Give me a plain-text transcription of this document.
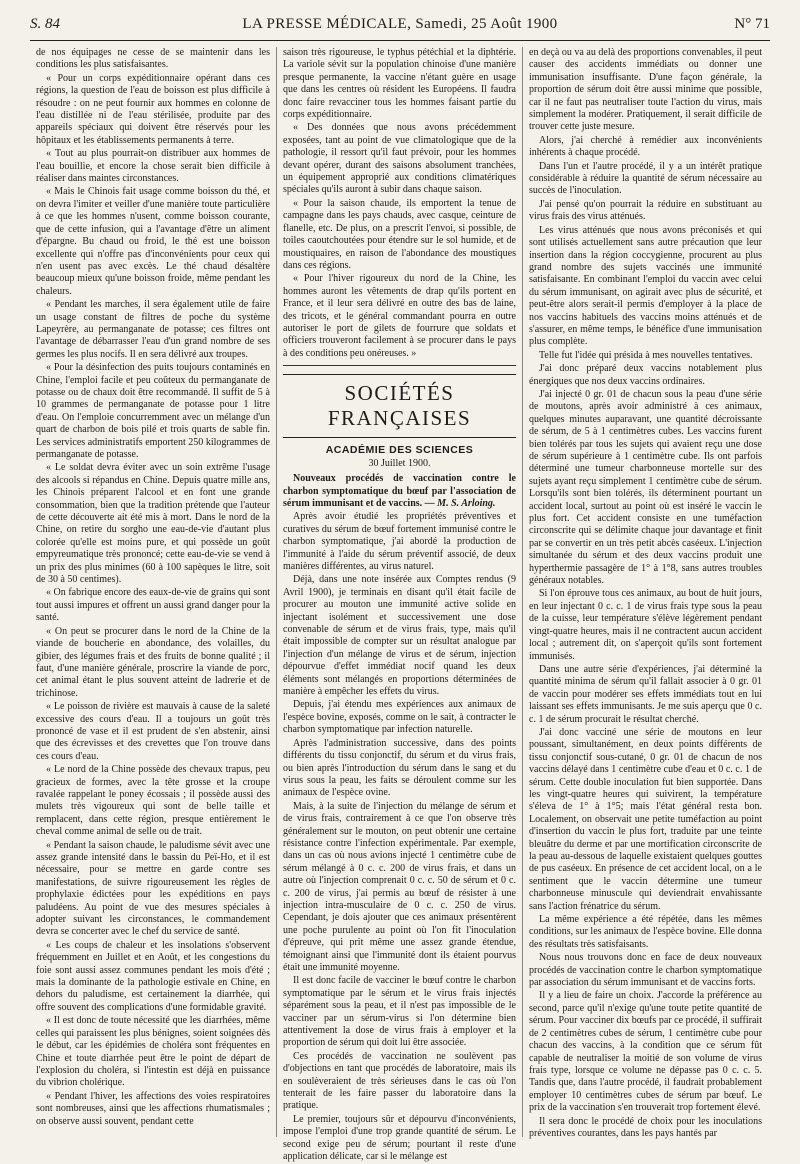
S. 84	LA PRESSE MÉDICALE, Samedi, 25 Août 1900	N° 71

de nos équipages ne cesse de se maintenir dans les conditions les plus satisfaisantes.

« Pour un corps expéditionnaire opérant dans ces régions, la question de l'eau de boisson est plus difficile à résoudre : on ne peut fournir aux hommes en colonne de l'eau distillée ni de l'eau stérilisée, produite par des appareils spéciaux qui doivent être réservés pour les hôpitaux et les établissements permanents à terre.

« Tout au plus pourrait-on distribuer aux hommes de l'eau bouillie, et encore la chose serait bien difficile à réaliser dans maintes circonstances.

« Mais le Chinois fait usage comme boisson du thé, et on devra l'imiter et veiller d'une manière toute particulière à ce que les hommes n'usent, comme boisson courante, que de cette infusion, qui a l'avantage d'être un aliment d'épargne. Bu chaud ou froid, le thé est une boisson excellente qui n'offre pas d'inconvénients pour ceux qui n'en usent pas avec excès. Le thé chaud désaltère beaucoup mieux qu'une boisson froide, même pendant les chaleurs.

« Pendant les marches, il sera également utile de faire un usage constant de filtres de poche du système Lapeyrère, au permanganate de potasse; ces filtres ont l'avantage de débarrasser l'eau d'un grand nombre de ses germes les plus nocifs. Il en sera délivré aux troupes.

« Pour la désinfection des puits toujours contaminés en Chine, l'emploi facile et peu coûteux du permanganate de potasse ou de chaux doit être recommandé. Il suffit de 5 à 10 grammes de permanganate de potasse pour 1 litre d'eau. On l'emploie concurremment avec un mélange d'un quart de charbon de bois pilé et trois quarts de sable fin. Les services administratifs emportent 250 kilogrammes de permanganate de potasse.

« Le soldat devra éviter avec un soin extrême l'usage des alcools si répandus en Chine. Depuis quatre mille ans, les Chinois préparent l'alcool et en font une grande consommation, bien que la tradition prétende que l'auteur de cette découverte ait été mis à mort. Dans le nord de la Chine, on retire du sorgho une eau-de-vie d'autant plus colorée qu'elle est moins pure, et qui possède un goût empyreumatique très prononcé; cette eau-de-vie se vend à un prix des plus minimes (60 à 100 sapèques le litre, soit de 30 à 50 centimes).

« On fabrique encore des eaux-de-vie de grains qui sont tout aussi impures et offrent un aussi grand danger pour la santé.

« On peut se procurer dans le nord de la Chine de la viande de boucherie en abondance, des volailles, du gibier, des légumes frais et des fruits de bonne qualité ; il faut, d'une manière générale, proscrire la viande de porc, cet animal étant le plus souvent atteint de ladrerie et de trichinose.

« Le poisson de rivière est mauvais à cause de la saleté excessive des cours d'eau. Il a toujours un goût très prononcé de vase et il est prudent de s'en abstenir, ainsi que des écrevisses et des crevettes que l'on trouve dans ces cours d'eau.

« Le nord de la Chine possède des chevaux trapus, peu gracieux de formes, avec la tête grosse et la croupe ravalée rappelant le poney écossais ; il possède aussi des mulets très vigoureux qui sont de belle taille et remplacent, dans cette région, presque entièrement le cheval comme animal de selle ou de trait.

« Pendant la saison chaude, le paludisme sévit avec une assez grande intensité dans le bassin du Peï-Ho, et il est nécessaire, pour se mettre en garde contre ses manifestations, de suivre rigoureusement les règles de prophylaxie édictées pour les expéditions en pays paludéens. Au point de vue des mesures spéciales à adopter suivant les circonstances, le commandement devra se concerter avec le chef du service de santé.

« Les coups de chaleur et les insolations s'observent fréquemment en Juillet et en Août, et les congestions du foie sont aussi assez communes pendant les mois d'été ; mais la dominante de la pathologie estivale en Chine, en dehors du paludisme, est certainement la diarrhée, qui offre souvent des complications d'une formidable gravité.

« Il est donc de toute nécessité que les diarrhées, même celles qui paraissent les plus bénignes, soient soignées dès le début, car les épidémies de choléra sont fréquentes en Chine et toute diarrhée peut être le point de départ de l'explosion du choléra, si l'intestin est déjà en puissance du vibrion cholérique.

« Pendant l'hiver, les affections des voies respiratoires sont nombreuses, ainsi que les affections rhumatismales ; on observe aussi souvent, pendant cette

saison très rigoureuse, le typhus pétéchial et la diphtérie. La variole sévit sur la population chinoise d'une manière presque permanente, la vaccine n'étant guère en usage que dans les centres où résident les Européens. Il faudra donc faire revacciner tous les hommes faisant partie du corps expéditionnaire.

« Des données que nous avons précédemment exposées, tant au point de vue climatologique que de la pathologie, il ressort qu'il faut prévoir, pour les hommes devant opérer, durant des saisons absolument tranchées, un équipement approprié aux conditions climatériques spéciales qu'ils auront à subir dans chaque saison.

« Pour la saison chaude, ils emportent la tenue de campagne dans les pays chauds, avec casque, ceinture de flanelle, etc. De plus, on a prescrit l'envoi, si possible, de toiles caoutchoutées pour étendre sur le sol humide, et de moustiquaires, en raison de l'abondance des moustiques dans ces régions.

« Pour l'hiver rigoureux du nord de la Chine, les hommes auront les vêtements de drap qu'ils portent en France, et il leur sera délivré en outre des bas de laine, des tricots, et le général commandant pourra en outre autoriser le port de gilets de fourrure que soldats et officiers trouveront facilement à se procurer dans le pays à des conditions peu onéreuses. »

SOCIÉTÉS FRANÇAISES
ACADÉMIE DES SCIENCES
30 Juillet 1900.

Nouveaux procédés de vaccination contre le charbon symptomatique du bœuf par l'association de sérum immunisant et de vaccins. — M. S. Arloing.

Après avoir étudié les propriétés préventives et curatives du sérum de bœuf fortement immunisé contre le charbon symptomatique, j'ai abordé la production de l'immunité à l'aide du sérum préventif associé, de deux manières différentes, au virus naturel.

Déjà, dans une note insérée aux Comptes rendus (9 Avril 1900), je terminais en disant qu'il était facile de procurer au mouton une immunité active solide en injectant isolément et successivement une dose convenable de sérum et de virus frais, type, mais qu'il était impossible de compter sur un résultat analogue par l'injection d'un mélange de virus et de sérum, injection dépourvue d'effet immédiat nocif quand les deux éléments sont mélangés en proportions déterminées de manière à empêcher les effets du virus.

Depuis, j'ai étendu mes expériences aux animaux de l'espèce bovine, exposés, comme on le sait, à contracter le charbon symptomatique par infection naturelle.

Après l'administration successive, dans des points différents du tissu conjonctif, du sérum et du virus frais, ou bien après l'introduction du sérum dans le sang et du virus sous la peau, les faits se déroulent comme sur les animaux de l'espèce ovine.

Mais, à la suite de l'injection du mélange de sérum et de virus frais, contrairement à ce que l'on observe très généralement sur le mouton, on peut obtenir une certaine résistance contre l'infection expérimentale. Par exemple, dans un cas où nous avions injecté 1 centimètre cube de sérum mélangé à 0 c. c. 200 de virus frais, et dans un autre où l'injection comprenait 0 c. c. 50 de sérum et 0 c. c. 200 de virus, j'ai permis au bœuf de résister à une injection intra-musculaire de 0 c. c. 250 de virus. Cependant, je dois ajouter que ces animaux présentèrent une poche purulente au point où l'on fit l'inoculation d'épreuve, qui prit même une assez grande étendue, témoignant ainsi que l'immunité dont ils étaient pourvus était une immunité moyenne.

Il est donc facile de vacciner le bœuf contre le charbon symptomatique par le sérum et le virus frais injectés séparément sous la peau, et il n'est pas impossible de le vacciner par un sérum-virus si l'on détermine bien attentivement la dose de virus frais à employer et la proportion de sérum qui doit lui être associée.

Ces procédés de vaccination ne soulèvent pas d'objections en tant que procédés de laboratoire, mais ils en soulèveraient de très sérieuses dans le cas où l'on tenterait de les faire passer du laboratoire dans la pratique.

Le premier, toujours sûr et dépourvu d'inconvénients, impose l'emploi d'une trop grande quantité de sérum. Le second exige peu de sérum; pourtant il reste d'une application délicate, car si le mélange est

en deçà ou va au delà des proportions convenables, il peut causer des accidents immédiats ou donner une immunisation insuffisante. D'une façon générale, la proportion de sérum doit être aussi minime que possible, car il ne faut pas neutraliser toute l'action du virus, mais simplement la modérer. Pratiquement, il serait difficile de trouver cette juste mesure.

Alors, j'ai cherché à remédier aux inconvénients inhérents à chaque procédé.

Dans l'un et l'autre procédé, il y a un intérêt pratique considérable à réduire la quantité de sérum nécessaire au succès de l'inoculation.

J'ai pensé qu'on pourrait la réduire en substituant au virus frais des virus atténués.

Les virus atténués que nous avons préconisés et qui sont utilisés actuellement sans autre précaution que leur insertion dans la région coccygienne, procurent au plus grand nombre des sujets vaccinés une immunité satisfaisante. En combinant l'emploi du vaccin avec celui du sérum immunisant, on agirait avec plus de sécurité, et peut-être alors serait-il permis d'employer à la place de nos vaccins habituels des vaccins moins atténués et de s'assurer, en même temps, le bénéfice d'une immunisation plus complète.

Telle fut l'idée qui présida à mes nouvelles tentatives.

J'ai donc préparé deux vaccins notablement plus énergiques que nos deux vaccins ordinaires.

J'ai injecté 0 gr. 01 de chacun sous la peau d'une série de moutons, après avoir administré à ces animaux, quelques minutes auparavant, une quantité décroissante de sérum, de 5 à 1 centimètres cubes. Les vaccins furent bien tolérés par tous les sujets qui avaient reçu une dose de sérum supérieure à 1 centimètre cube. Ils ont parfois déterminé une tumeur charbonneuse mortelle sur des sujets ayant reçu simplement 1 centimètre cube de sérum. Lorsqu'ils sont bien tolérés, ils déterminent pourtant un accident local, surtout au point où est inséré le vaccin le plus fort. Cet accident consiste en une tuméfaction circonscrite qui se délimite chaque jour davantage et finit par se convertir en un très petit abcès caséeux. L'injection simultanée du sérum et des deux vaccins produit une hyperthermie passagère de 1° à 1°8, sans autres troubles généraux notables.

Si l'on éprouve tous ces animaux, au bout de huit jours, en leur injectant 0 c. c. 1 de virus frais type sous la peau de la cuisse, leur température s'élève légèrement pendant vingt-quatre heures, mais il ne contractent aucun accident local ; autrement dit, on s'aperçoit qu'ils sont fortement immunisés.

Dans une autre série d'expériences, j'ai déterminé la quantité minima de sérum qu'il fallait associer à 0 gr. 01 de vaccin pour modérer ses effets immédiats tout en lui laissant ses effets immunisants. Je me suis aperçu que 0 c. c. 1 de sérum procurait le résultat cherché.

J'ai donc vacciné une série de moutons en leur poussant, simultanément, en deux points différents de tissu conjonctif sous-cutané, 0 gr. 01 de chacun de nos vaccins délayé dans 1 centimètre cube d'eau et 0 c. c. 1 de sérum. Cette double inoculation fut bien supportée. Dans les vingt-quatre heures qui suivirent, la température s'éleva de 1° à 1°5; mais l'état général resta bon. Localement, on observait une petite tuméfaction au point d'insertion du vaccin le plus fort, traduite par une teinte bleuâtre du derme et par une mortification circonscrite de la peau au-dessous de laquelle existaient quelques gouttes de pus caséeux. En présence de cet accident local, on a le sentiment que le vaccin détermine une tumeur charbonneuse minuscule qui deviendrait envahissante sans l'action frénatrice du sérum.

La même expérience a été répétée, dans les mêmes conditions, sur les animaux de l'espèce bovine. Elle donna des résultats très satisfaisants.

Nous nous trouvons donc en face de deux nouveaux procédés de vaccination contre le charbon symptomatique par association du sérum immunisant et de vaccins forts.

Il y a lieu de faire un choix. J'accorde la préférence au second, parce qu'il n'exige qu'une toute petite quantité de sérum. Pour vacciner dix bœufs par ce procédé, il suffirait de 2 centimètres cubes de sérum, 1 centimètre cube pour chacun des vaccins, à la condition que ce sérum fût capable de neutraliser la moitié de son volume de virus frais type, lorsque ce volume ne dépasse pas 0 c. c. 5. Tandis que, dans l'autre procédé, il faudrait probablement employer 10 centimètres cubes de sérum par bœuf. Le prix de la vaccination s'en trouverait trop fortement élevé.

Il sera donc le procédé de choix pour les inoculations préventives courantes, dans les pays hantés par
